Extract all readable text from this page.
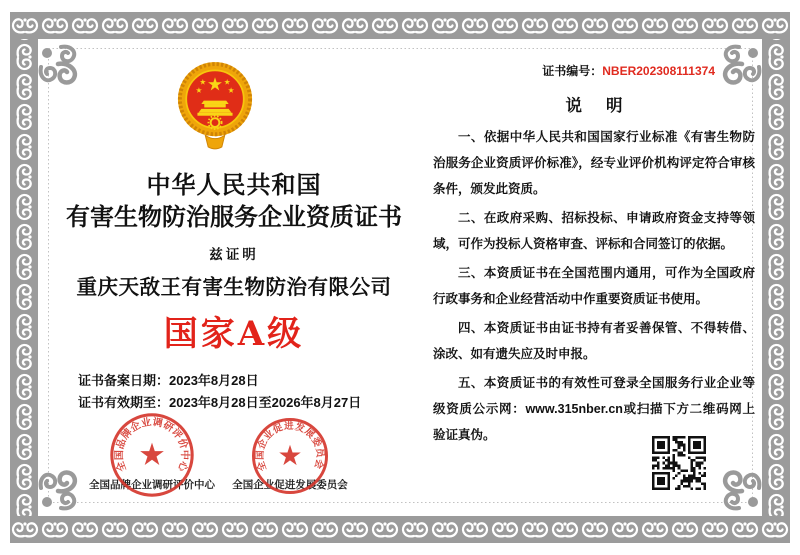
中华人民共和国
有害生物防治服务企业资质证书
兹证明
重庆天敌王有害生物防治有限公司
国家A级
证书备案日期：2023年8月28日
证书有效期至：2023年8月28日至2026年8月27日
全国品牌企业调研评价中心
全国品牌企业调研评价中心
全国企业促进发展委员会
全国企业促进发展委员会
证书编号：NBER202308111374
说明

一、依据中华人民共和国国家行业标准《有害生物防治服务企业资质评价标准》，经专业评价机构评定符合审核条件，颁发此资质。

二、在政府采购、招标投标、申请政府资金支持等领域，可作为投标人资格审查、评标和合同签订的依据。

三、本资质证书在全国范围内通用，可作为全国政府行政事务和企业经营活动中作重要资质证书使用。

四、本资质证书由证书持有者妥善保管、不得转借、涂改、如有遗失应及时申报。

五、本资质证书的有效性可登录全国服务行业企业等级资质公示网：www.315nber.cn或扫描下方二维码网上验证真伪。
